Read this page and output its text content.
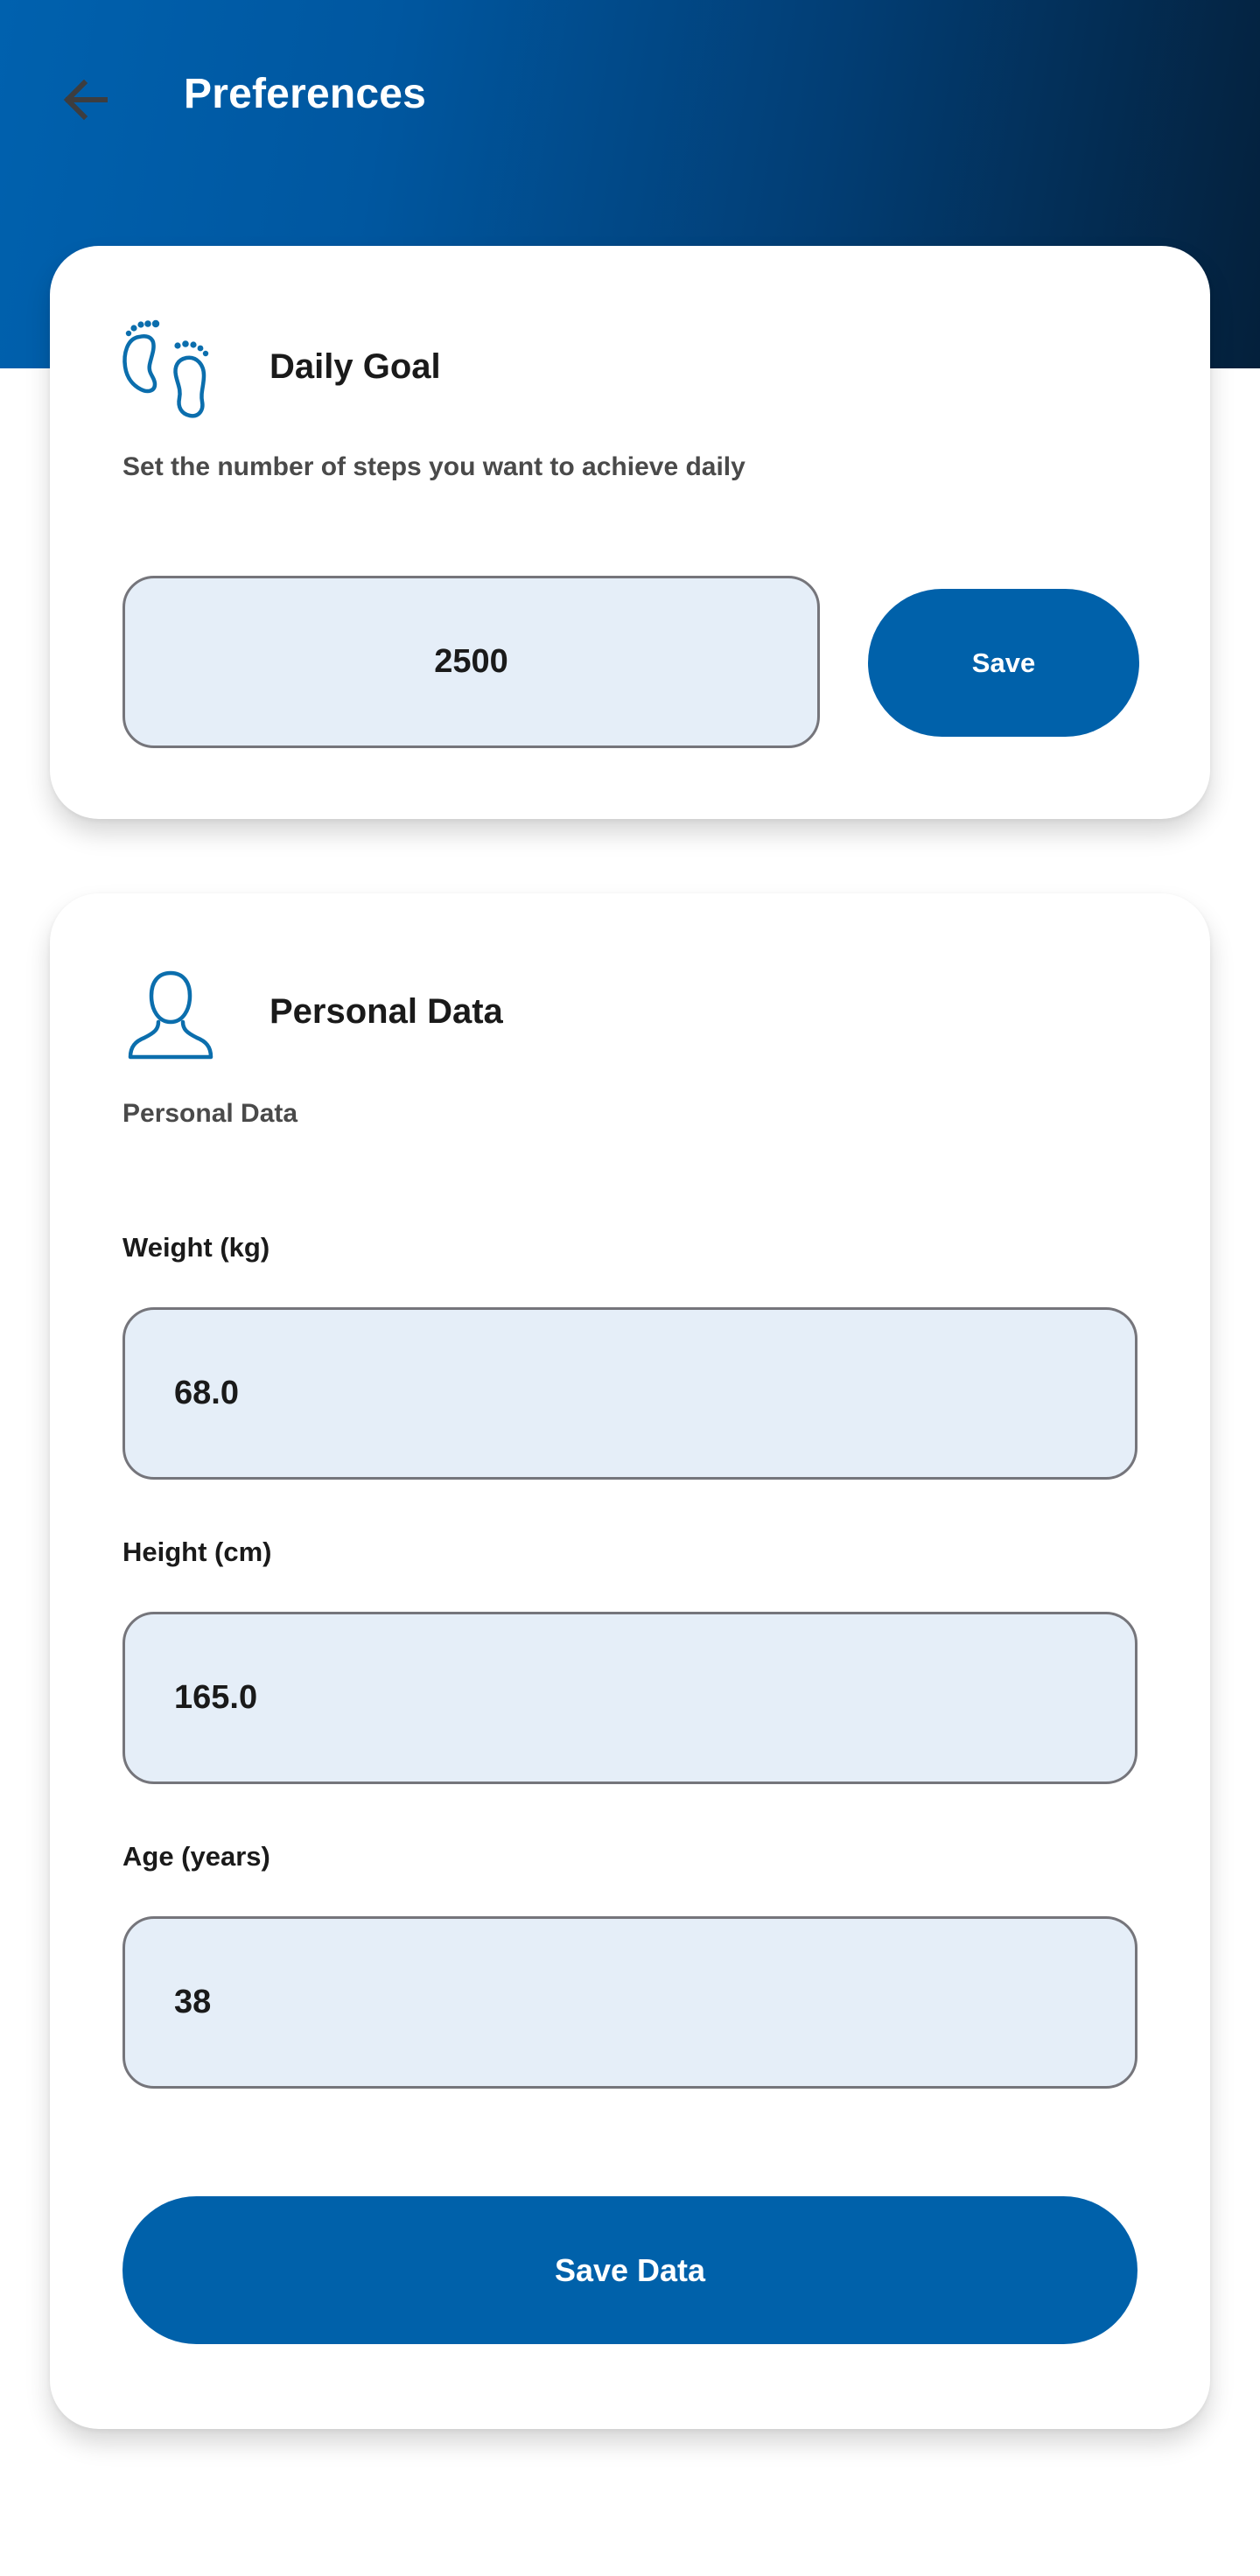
Preferences
Daily Goal
Set the number of steps you want to achieve daily
2500	Save
Personal Data
Personal Data
Weight (kg)
68.0
Height (cm)
165.0
Age (years)
38
Save Data
